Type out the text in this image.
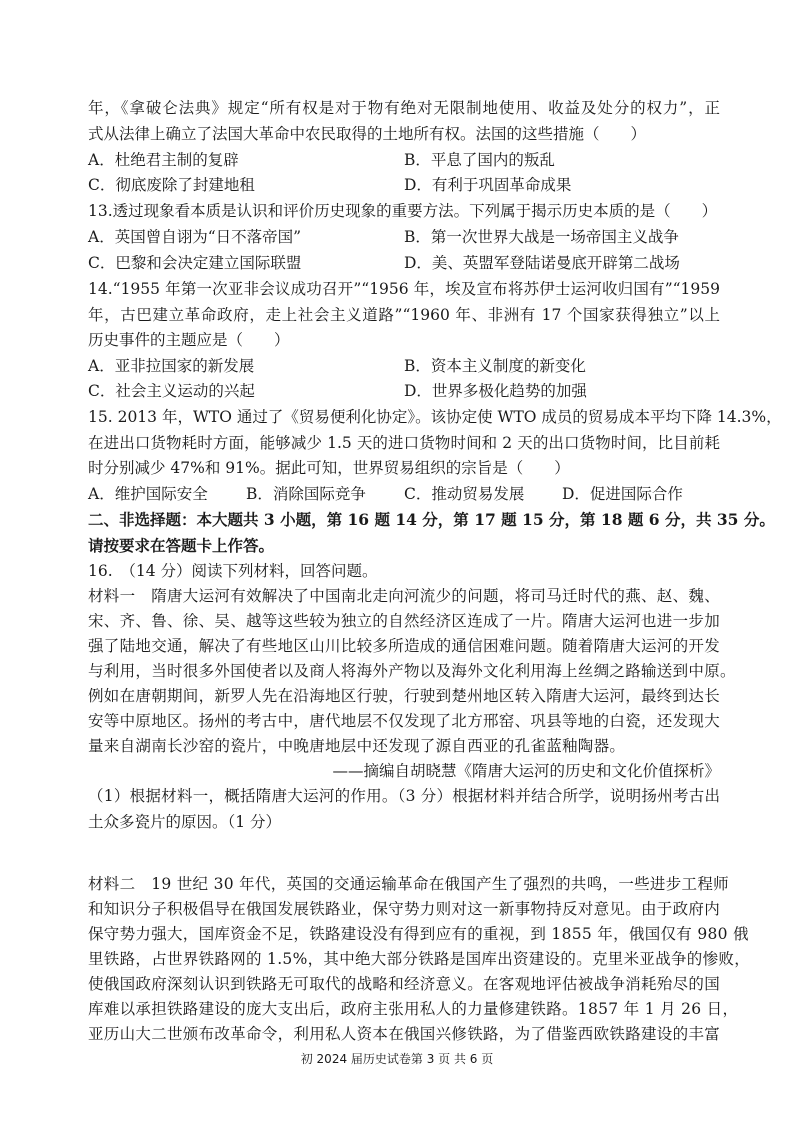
年，《拿破仑法典》规定“所有权是对于物有绝对无限制地使用、收益及处分的权力”，正
式从法律上确立了法国大革命中农民取得的土地所有权。法国的这些措施（　　）
A．杜绝君主制的复辟	B．平息了国内的叛乱
C．彻底废除了封建地租	D．有利于巩固革命成果
13.透过现象看本质是认识和评价历史现象的重要方法。下列属于揭示历史本质的是（　　）
A．英国曾自诩为“日不落帝国”	B．第一次世界大战是一场帝国主义战争
C．巴黎和会决定建立国际联盟	D．美、英盟军登陆诺曼底开辟第二战场
14.“1955 年第一次亚非会议成功召开”“1956 年，埃及宣布将苏伊士运河收归国有”“1959
年，古巴建立革命政府，走上社会主义道路”“1960 年、非洲有 17 个国家获得独立”以上
历史事件的主题应是（　　）
A．亚非拉国家的新发展	B．资本主义制度的新变化
C．社会主义运动的兴起	D．世界多极化趋势的加强
15. 2013 年，WTO 通过了《贸易便利化协定》。该协定使 WTO 成员的贸易成本平均下降 14.3%，
在进出口货物耗时方面，能够减少 1.5 天的进口货物时间和 2 天的出口货物时间，比目前耗
时分别减少 47%和 91%。据此可知，世界贸易组织的宗旨是（　　）
A．维护国际安全	B．消除国际竞争	C．推动贸易发展	D．促进国际合作
二、非选择题：本大题共 3 小题，第 16 题 14 分，第 17 题 15 分，第 18 题 6 分，共 35 分。
请按要求在答题卡上作答。
16.　（14 分）阅读下列材料，回答问题。
材料一　隋唐大运河有效解决了中国南北走向河流少的问题，将司马迁时代的燕、赵、魏、
宋、齐、鲁、徐、吴、越等这些较为独立的自然经济区连成了一片。隋唐大运河也进一步加
强了陆地交通，解决了有些地区山川比较多所造成的通信困难问题。随着隋唐大运河的开发
与利用，当时很多外国使者以及商人将海外产物以及海外文化利用海上丝绸之路输送到中原。
例如在唐朝期间，新罗人先在沿海地区行驶，行驶到楚州地区转入隋唐大运河，最终到达长
安等中原地区。扬州的考古中，唐代地层不仅发现了北方邢窑、巩县等地的白瓷，还发现大
量来自湖南长沙窑的瓷片，中晚唐地层中还发现了源自西亚的孔雀蓝釉陶器。
——摘编自胡晓慧《隋唐大运河的历史和文化价值探析》
（1）根据材料一，概括隋唐大运河的作用。（3 分）根据材料并结合所学，说明扬州考古出
土众多瓷片的原因。（1 分）
材料二　19 世纪 30 年代，英国的交通运输革命在俄国产生了强烈的共鸣，一些进步工程师
和知识分子积极倡导在俄国发展铁路业，保守势力则对这一新事物持反对意见。由于政府内
保守势力强大，国库资金不足，铁路建设没有得到应有的重视，到 1855 年，俄国仅有 980 俄
里铁路，占世界铁路网的 1.5%，其中绝大部分铁路是国库出资建设的。克里米亚战争的惨败，
使俄国政府深刻认识到铁路无可取代的战略和经济意义。在客观地评估被战争消耗殆尽的国
库难以承担铁路建设的庞大支出后，政府主张用私人的力量修建铁路。1857 年 1 月 26 日，
亚历山大二世颁布改革命令，利用私人资本在俄国兴修铁路，为了借鉴西欧铁路建设的丰富
初 2024 届历史试卷第 3 页 共 6 页
